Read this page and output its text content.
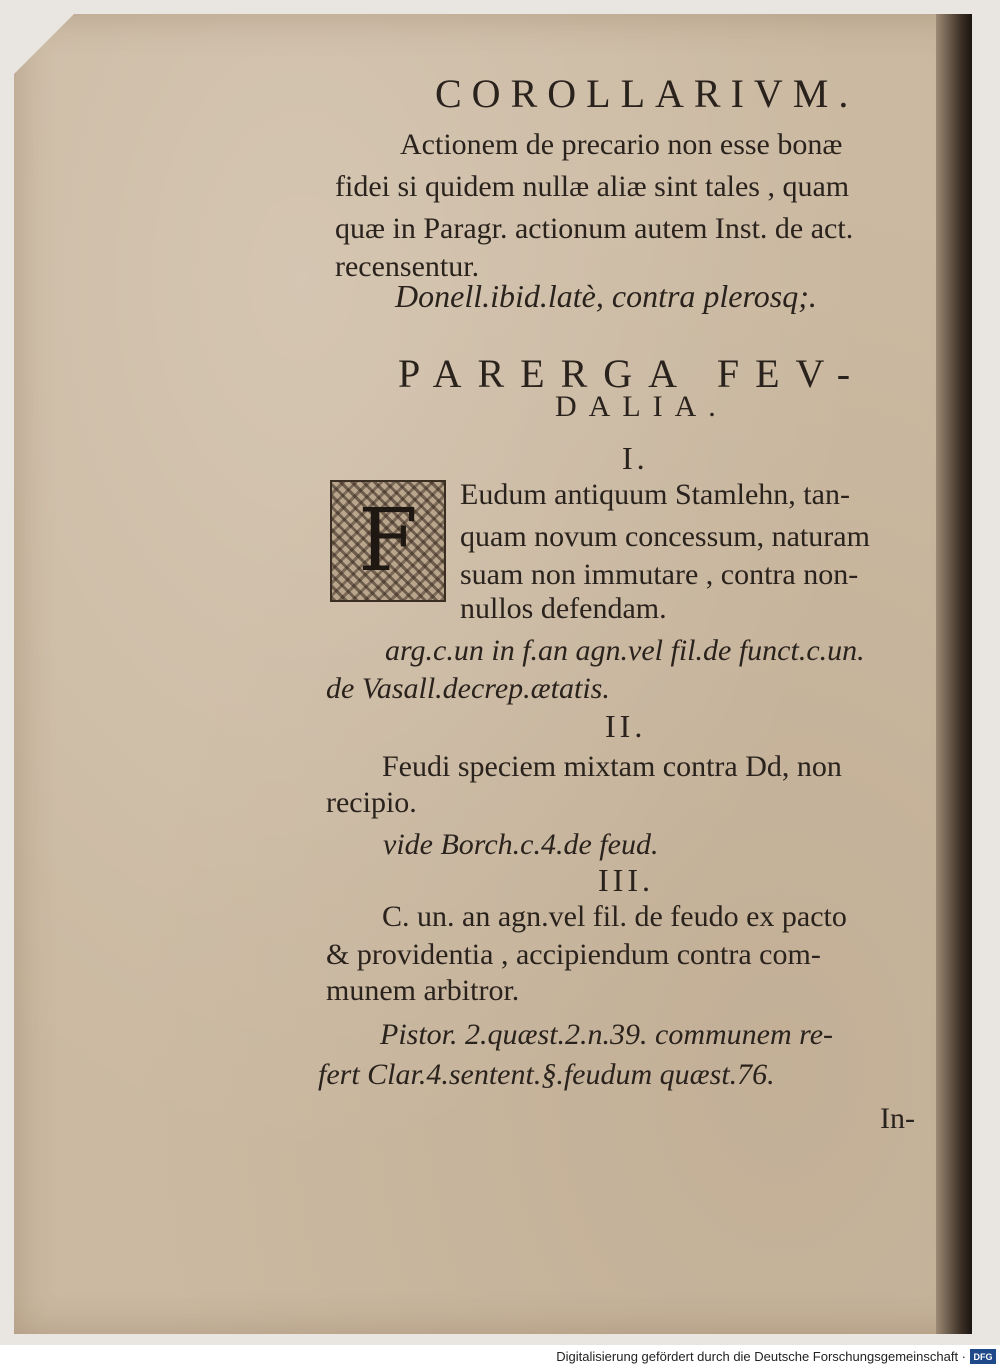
COROLLARIVM.
Actionem de precario non esse bonæ
fidei si quidem nullæ aliæ sint tales , quam
quæ in Paragr. actionum autem Inst. de act.
recensentur.
Donell.ibid.latè, contra plerosq;.
PARERGA FEV-
DALIA.
I.
F	Eudum antiquum Stamlehn, tan-
quam novum concessum, naturam
suam non immutare , contra non-
nullos defendam.
arg.c.un in f.an agn.vel fil.de funct.c.un.
de Vasall.decrep.ætatis.
II.
Feudi speciem mixtam contra Dd, non
recipio.
vide Borch.c.4.de feud.
III.
C. un. an agn.vel fil. de feudo ex pacto
& providentia , accipiendum contra com-
munem arbitror.
Pistor. 2.quæst.2.n.39. communem re-
fert Clar.4.sentent.§.feudum quæst.76.
In-
Digitalisierung gefördert durch die Deutsche Forschungsgemeinschaft · DFG
